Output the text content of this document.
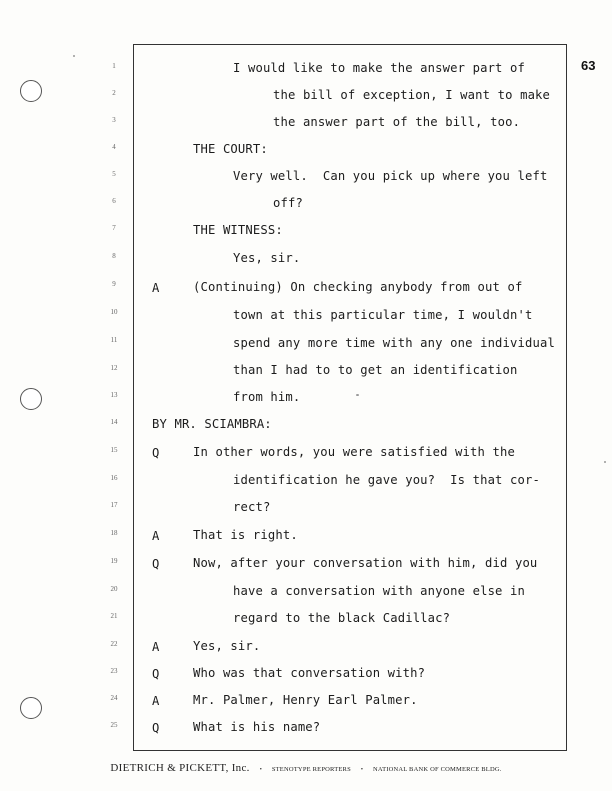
63
1
2
3
4
5
6
7
8
9
10
11
12
13
14
15
16
17
18
19
20
21
22
23
24
25
A
Q
A
Q
A
Q
A
Q
I would like to make the answer part of
the bill of exception, I want to make
the answer part of the bill, too.
THE COURT:
Very well.  Can you pick up where you left
off?
THE WITNESS:
Yes, sir.
(Continuing) On checking anybody from out of
town at this particular time, I wouldn't
spend any more time with any one individual
than I had to to get an identification
from him.
BY MR. SCIAMBRA:
In other words, you were satisfied with the
identification he gave you?  Is that cor-
rect?
That is right.
Now, after your conversation with him, did you
have a conversation with anyone else in
regard to the black Cadillac?
Yes, sir.
Who was that conversation with?
Mr. Palmer, Henry Earl Palmer.
What is his name?
DIETRICH & PICKETT, Inc. • STENOTYPE REPORTERS • NATIONAL BANK OF COMMERCE BLDG.
